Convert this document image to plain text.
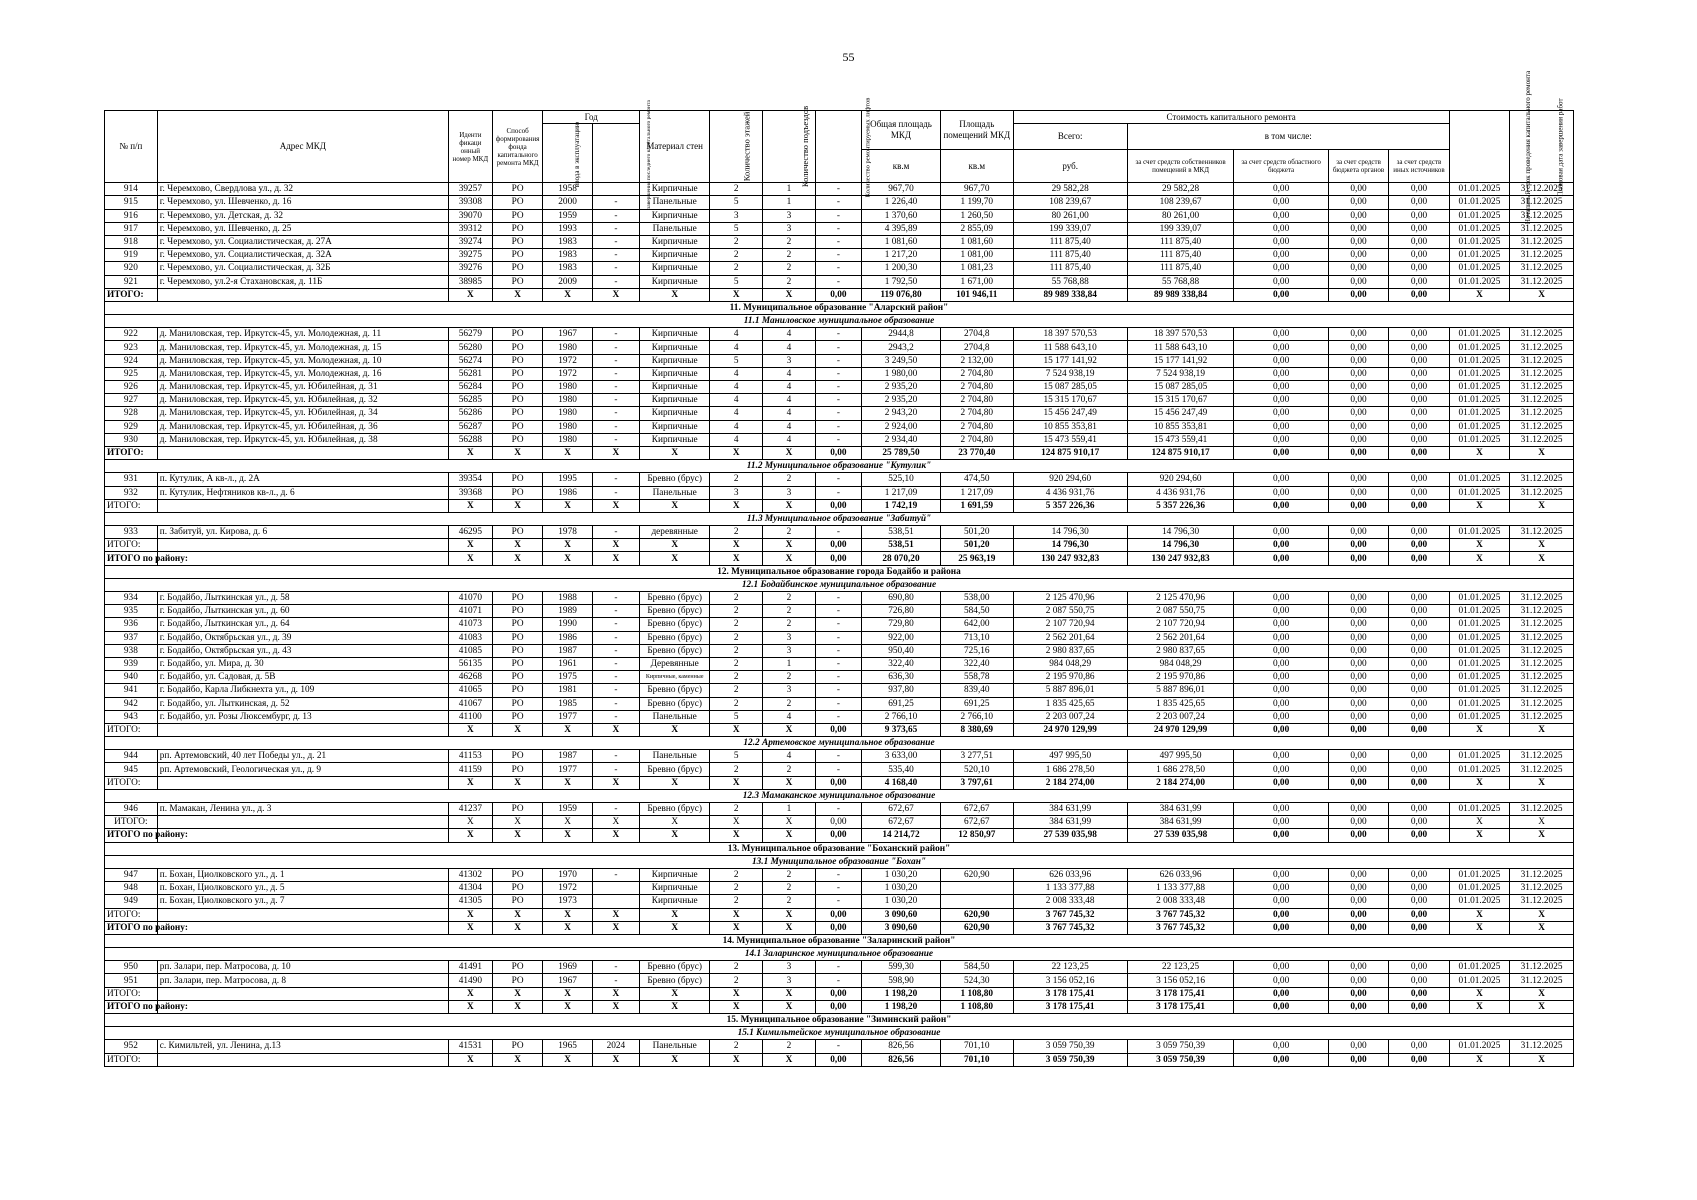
55
№ п/п	Адрес МКД	Иденти фикаци онный номер МКД	Способ формирования фонда капитального ремонта МКД	Год		Материал стен	Количество этажей	Количество подъездов	Количество ремонтируемых лифтов	Общая площадь МКД	Площадь помещений МКД	Стоимость капитального ремонта					Начальный срок проведения капитального ремонта	Плановая дата завершения работ
				ввода в эксплуатацию	завершения последнего капитального ремонта							Всего:	в том числе:					
										кв.м	кв.м	руб.	за счет средств собственников помещений в МКД	за счет средств областного бюджета	за счет средств бюджета органов	за счет средств иных источников		
914	г. Черемхово, Свердлова ул., д. 32	39257	РО	1958		Кирпичные	2	1	-	967,70	967,70	29 582,28	29 582,28	0,00	0,00	0,00	01.01.2025	31.12.2025
915	г. Черемхово, ул. Шевченко, д. 16	39308	РО	2000	-	Панельные	5	1	-	1 226,40	1 199,70	108 239,67	108 239,67	0,00	0,00	0,00	01.01.2025	31.12.2025
916	г. Черемхово, ул. Детская, д. 32	39070	РО	1959	-	Кирпичные	3	3	-	1 370,60	1 260,50	80 261,00	80 261,00	0,00	0,00	0,00	01.01.2025	31.12.2025
917	г. Черемхово, ул. Шевченко, д. 25	39312	РО	1993	-	Панельные	5	3	-	4 395,89	2 855,09	199 339,07	199 339,07	0,00	0,00	0,00	01.01.2025	31.12.2025
918	г. Черемхово, ул. Социалистическая, д. 27А	39274	РО	1983	-	Кирпичные	2	2	-	1 081,60	1 081,60	111 875,40	111 875,40	0,00	0,00	0,00	01.01.2025	31.12.2025
919	г. Черемхово, ул. Социалистическая, д. 32А	39275	РО	1983	-	Кирпичные	2	2	-	1 217,20	1 081,00	111 875,40	111 875,40	0,00	0,00	0,00	01.01.2025	31.12.2025
920	г. Черемхово, ул. Социалистическая, д. 32Б	39276	РО	1983	-	Кирпичные	2	2	-	1 200,30	1 081,23	111 875,40	111 875,40	0,00	0,00	0,00	01.01.2025	31.12.2025
921	г. Черемхово, ул.2-я Стахановская, д. 11Б	38985	РО	2009	-	Кирпичные	5	2	-	1 792,50	1 671,00	55 768,88	55 768,88	0,00	0,00	0,00	01.01.2025	31.12.2025
ИТОГО:		X	X	X	X	X	X	X	0,00	119 076,80	101 946,11	89 989 338,84	89 989 338,84	0,00	0,00	0,00	X	X
11. Муниципальное образование "Аларский район"																		
11.1 Маниловское муниципальное образование																		
922	д. Маниловская, тер. Иркутск-45, ул. Молодежная, д. 11	56279	РО	1967	-	Кирпичные	4	4	-	2944,8	2704,8	18 397 570,53	18 397 570,53	0,00	0,00	0,00	01.01.2025	31.12.2025
923	д. Маниловская, тер. Иркутск-45, ул. Молодежная, д. 15	56280	РО	1980	-	Кирпичные	4	4	-	2943,2	2704,8	11 588 643,10	11 588 643,10	0,00	0,00	0,00	01.01.2025	31.12.2025
924	д. Маниловская, тер. Иркутск-45, ул. Молодежная, д. 10	56274	РО	1972	-	Кирпичные	5	3	-	3 249,50	2 132,00	15 177 141,92	15 177 141,92	0,00	0,00	0,00	01.01.2025	31.12.2025
925	д. Маниловская, тер. Иркутск-45, ул. Молодежная, д. 16	56281	РО	1972	-	Кирпичные	4	4	-	1 980,00	2 704,80	7 524 938,19	7 524 938,19	0,00	0,00	0,00	01.01.2025	31.12.2025
926	д. Маниловская, тер. Иркутск-45, ул. Юбилейная, д. 31	56284	РО	1980	-	Кирпичные	4	4	-	2 935,20	2 704,80	15 087 285,05	15 087 285,05	0,00	0,00	0,00	01.01.2025	31.12.2025
927	д. Маниловская, тер. Иркутск-45, ул. Юбилейная, д. 32	56285	РО	1980	-	Кирпичные	4	4	-	2 935,20	2 704,80	15 315 170,67	15 315 170,67	0,00	0,00	0,00	01.01.2025	31.12.2025
928	д. Маниловская, тер. Иркутск-45, ул. Юбилейная, д. 34	56286	РО	1980	-	Кирпичные	4	4	-	2 943,20	2 704,80	15 456 247,49	15 456 247,49	0,00	0,00	0,00	01.01.2025	31.12.2025
929	д. Маниловская, тер. Иркутск-45, ул. Юбилейная, д. 36	56287	РО	1980	-	Кирпичные	4	4	-	2 924,00	2 704,80	10 855 353,81	10 855 353,81	0,00	0,00	0,00	01.01.2025	31.12.2025
930	д. Маниловская, тер. Иркутск-45, ул. Юбилейная, д. 38	56288	РО	1980	-	Кирпичные	4	4	-	2 934,40	2 704,80	15 473 559,41	15 473 559,41	0,00	0,00	0,00	01.01.2025	31.12.2025
ИТОГО:		X	X	X	X	X	X	X	0,00	25 789,50	23 770,40	124 875 910,17	124 875 910,17	0,00	0,00	0,00	X	X
11.2 Муниципальное образование "Кутулик"																		
931	п. Кутулик, А кв-л., д. 2А	39354	РО	1995	-	Бревно (брус)	2	2	-	525,10	474,50	920 294,60	920 294,60	0,00	0,00	0,00	01.01.2025	31.12.2025
932	п. Кутулик, Нефтяников кв-л., д. 6	39368	РО	1986	-	Панельные	3	3	-	1 217,09	1 217,09	4 436 931,76	4 436 931,76	0,00	0,00	0,00	01.01.2025	31.12.2025
ИТОГО:		X	X	X	X	X	X	X	0,00	1 742,19	1 691,59	5 357 226,36	5 357 226,36	0,00	0,00	0,00	X	X
11.3 Муниципальное образование "Забитуй"																		
933	п. Забитуй, ул. Кирова, д. 6	46295	РО	1978	-	деревянные	2	2	-	538,51	501,20	14 796,30	14 796,30	0,00	0,00	0,00	01.01.2025	31.12.2025
ИТОГО:		X	X	X	X	X	X	X	0,00	538,51	501,20	14 796,30	14 796,30	0,00	0,00	0,00	X	X
ИТОГО по району:		X	X	X	X	X	X	X	0,00	28 070,20	25 963,19	130 247 932,83	130 247 932,83	0,00	0,00	0,00	X	X
12. Муниципальное образование города Бодайбо и района																		
12.1 Бодайбинское муниципальное образование																		
934	г. Бодайбо, Лыткинская ул., д. 58	41070	РО	1988	-	Бревно (брус)	2	2	-	690,80	538,00	2 125 470,96	2 125 470,96	0,00	0,00	0,00	01.01.2025	31.12.2025
935	г. Бодайбо, Лыткинская ул., д. 60	41071	РО	1989	-	Бревно (брус)	2	2	-	726,80	584,50	2 087 550,75	2 087 550,75	0,00	0,00	0,00	01.01.2025	31.12.2025
936	г. Бодайбо, Лыткинская ул., д. 64	41073	РО	1990	-	Бревно (брус)	2	2	-	729,80	642,00	2 107 720,94	2 107 720,94	0,00	0,00	0,00	01.01.2025	31.12.2025
937	г. Бодайбо, Октябрьская ул., д. 39	41083	РО	1986	-	Бревно (брус)	2	3	-	922,00	713,10	2 562 201,64	2 562 201,64	0,00	0,00	0,00	01.01.2025	31.12.2025
938	г. Бодайбо, Октябрьская ул., д. 43	41085	РО	1987	-	Бревно (брус)	2	3	-	950,40	725,16	2 980 837,65	2 980 837,65	0,00	0,00	0,00	01.01.2025	31.12.2025
939	г. Бодайбо, ул. Мира, д. 30	56135	РО	1961	-	Деревянные	2	1	-	322,40	322,40	984 048,29	984 048,29	0,00	0,00	0,00	01.01.2025	31.12.2025
940	г. Бодайбо, ул. Садовая, д. 5В	46268	РО	1975	-	Кирпичные, каменные	2	2	-	636,30	558,78	2 195 970,86	2 195 970,86	0,00	0,00	0,00	01.01.2025	31.12.2025
941	г. Бодайбо, Карла Либкнехта ул., д. 109	41065	РО	1981	-	Бревно (брус)	2	3	-	937,80	839,40	5 887 896,01	5 887 896,01	0,00	0,00	0,00	01.01.2025	31.12.2025
942	г. Бодайбо, ул. Лыткинская, д. 52	41067	РО	1985	-	Бревно (брус)	2	2	-	691,25	691,25	1 835 425,65	1 835 425,65	0,00	0,00	0,00	01.01.2025	31.12.2025
943	г. Бодайбо, ул. Розы Люксембург, д. 13	41100	РО	1977	-	Панельные	5	4	-	2 766,10	2 766,10	2 203 007,24	2 203 007,24	0,00	0,00	0,00	01.01.2025	31.12.2025
ИТОГО:		X	X	X	X	X	X	X	0,00	9 373,65	8 380,69	24 970 129,99	24 970 129,99	0,00	0,00	0,00	X	X
12.2 Артемовское муниципальное образование																		
944	рп. Артемовский, 40 лет Победы ул., д. 21	41153	РО	1987	-	Панельные	5	4	-	3 633,00	3 277,51	497 995,50	497 995,50	0,00	0,00	0,00	01.01.2025	31.12.2025
945	рп. Артемовский, Геологическая ул., д. 9	41159	РО	1977	-	Бревно (брус)	2	2	-	535,40	520,10	1 686 278,50	1 686 278,50	0,00	0,00	0,00	01.01.2025	31.12.2025
ИТОГО:		X	X	X	X	X	X	X	0,00	4 168,40	3 797,61	2 184 274,00	2 184 274,00	0,00	0,00	0,00	X	X
12.3 Мамаканское муниципальное образование																		
946	п. Мамакан, Ленина ул., д. 3	41237	РО	1959	-	Бревно (брус)	2	1	-	672,67	672,67	384 631,99	384 631,99	0,00	0,00	0,00	01.01.2025	31.12.2025
ИТОГО:		X	X	X	X	X	X	X	0,00	672,67	672,67	384 631,99	384 631,99	0,00	0,00	0,00	X	X
ИТОГО по району:		X	X	X	X	X	X	X	0,00	14 214,72	12 850,97	27 539 035,98	27 539 035,98	0,00	0,00	0,00	X	X
13. Муниципальное образование "Боханский район"																		
13.1 Муниципальное образование "Бохан"																		
947	п. Бохан, Циолковского ул., д. 1	41302	РО	1970	-	Кирпичные	2	2	-	1 030,20	620,90	626 033,96	626 033,96	0,00	0,00	0,00	01.01.2025	31.12.2025
948	п. Бохан, Циолковского ул., д. 5	41304	РО	1972		Кирпичные	2	2	-	1 030,20		1 133 377,88	1 133 377,88	0,00	0,00	0,00	01.01.2025	31.12.2025
949	п. Бохан, Циолковского ул., д. 7	41305	РО	1973		Кирпичные	2	2	-	1 030,20		2 008 333,48	2 008 333,48	0,00	0,00	0,00	01.01.2025	31.12.2025
ИТОГО:		X	X	X	X	X	X	X	0,00	3 090,60	620,90	3 767 745,32	3 767 745,32	0,00	0,00	0,00	X	X
ИТОГО по району:		X	X	X	X	X	X	X	0,00	3 090,60	620,90	3 767 745,32	3 767 745,32	0,00	0,00	0,00	X	X
14. Муниципальное образование "Заларинский район"																		
14.1 Заларинское муниципальное образование																		
950	рп. Залари, пер. Матросова, д. 10	41491	РО	1969	-	Бревно (брус)	2	3	-	599,30	584,50	22 123,25	22 123,25	0,00	0,00	0,00	01.01.2025	31.12.2025
951	рп. Залари, пер. Матросова, д. 8	41490	РО	1967	-	Бревно (брус)	2	3	-	598,90	524,30	3 156 052,16	3 156 052,16	0,00	0,00	0,00	01.01.2025	31.12.2025
ИТОГО:		X	X	X	X	X	X	X	0,00	1 198,20	1 108,80	3 178 175,41	3 178 175,41	0,00	0,00	0,00	X	X
ИТОГО по району:		X	X	X	X	X	X	X	0,00	1 198,20	1 108,80	3 178 175,41	3 178 175,41	0,00	0,00	0,00	X	X
15. Муниципальное образование "Зиминский район"																		
15.1 Кимильтейское муниципальное образование																		
952	с. Кимильтей, ул. Ленина, д.13	41531	РО	1965	2024	Панельные	2	2	-	826,56	701,10	3 059 750,39	3 059 750,39	0,00	0,00	0,00	01.01.2025	31.12.2025
ИТОГО:		X	X	X	X	X	X	X	0,00	826,56	701,10	3 059 750,39	3 059 750,39	0,00	0,00	0,00	X	X
